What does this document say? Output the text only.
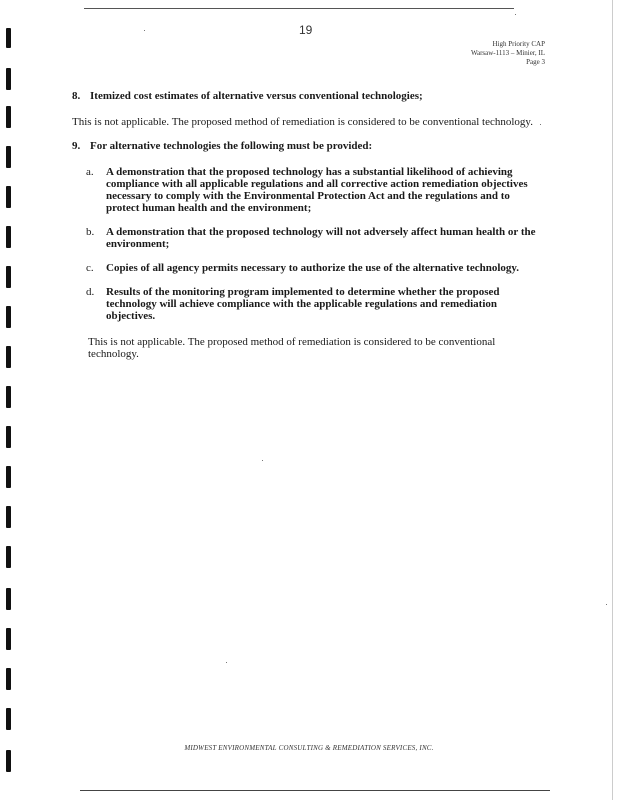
19
High Priority CAP
Warsaw-1113 – Minier, IL
Page 3
8. Itemized cost estimates of alternative versus conventional technologies;

This is not applicable. The proposed method of remediation is considered to be conventional technology.

9. For alternative technologies the following must be provided:
a.	A demonstration that the proposed technology has a substantial likelihood of achieving compliance with all applicable regulations and all corrective action remediation objectives necessary to comply with the Environmental Protection Act and the regulations and to protect human health and the environment;
b.	A demonstration that the proposed technology will not adversely affect human health or the environment;
c.	Copies of all agency permits necessary to authorize the use of the alternative technology.
d.	Results of the monitoring program implemented to determine whether the proposed technology will achieve compliance with the applicable regulations and remediation objectives.

This is not applicable. The proposed method of remediation is considered to be conventional technology.

MIDWEST ENVIRONMENTAL CONSULTING & REMEDIATION SERVICES, INC.
